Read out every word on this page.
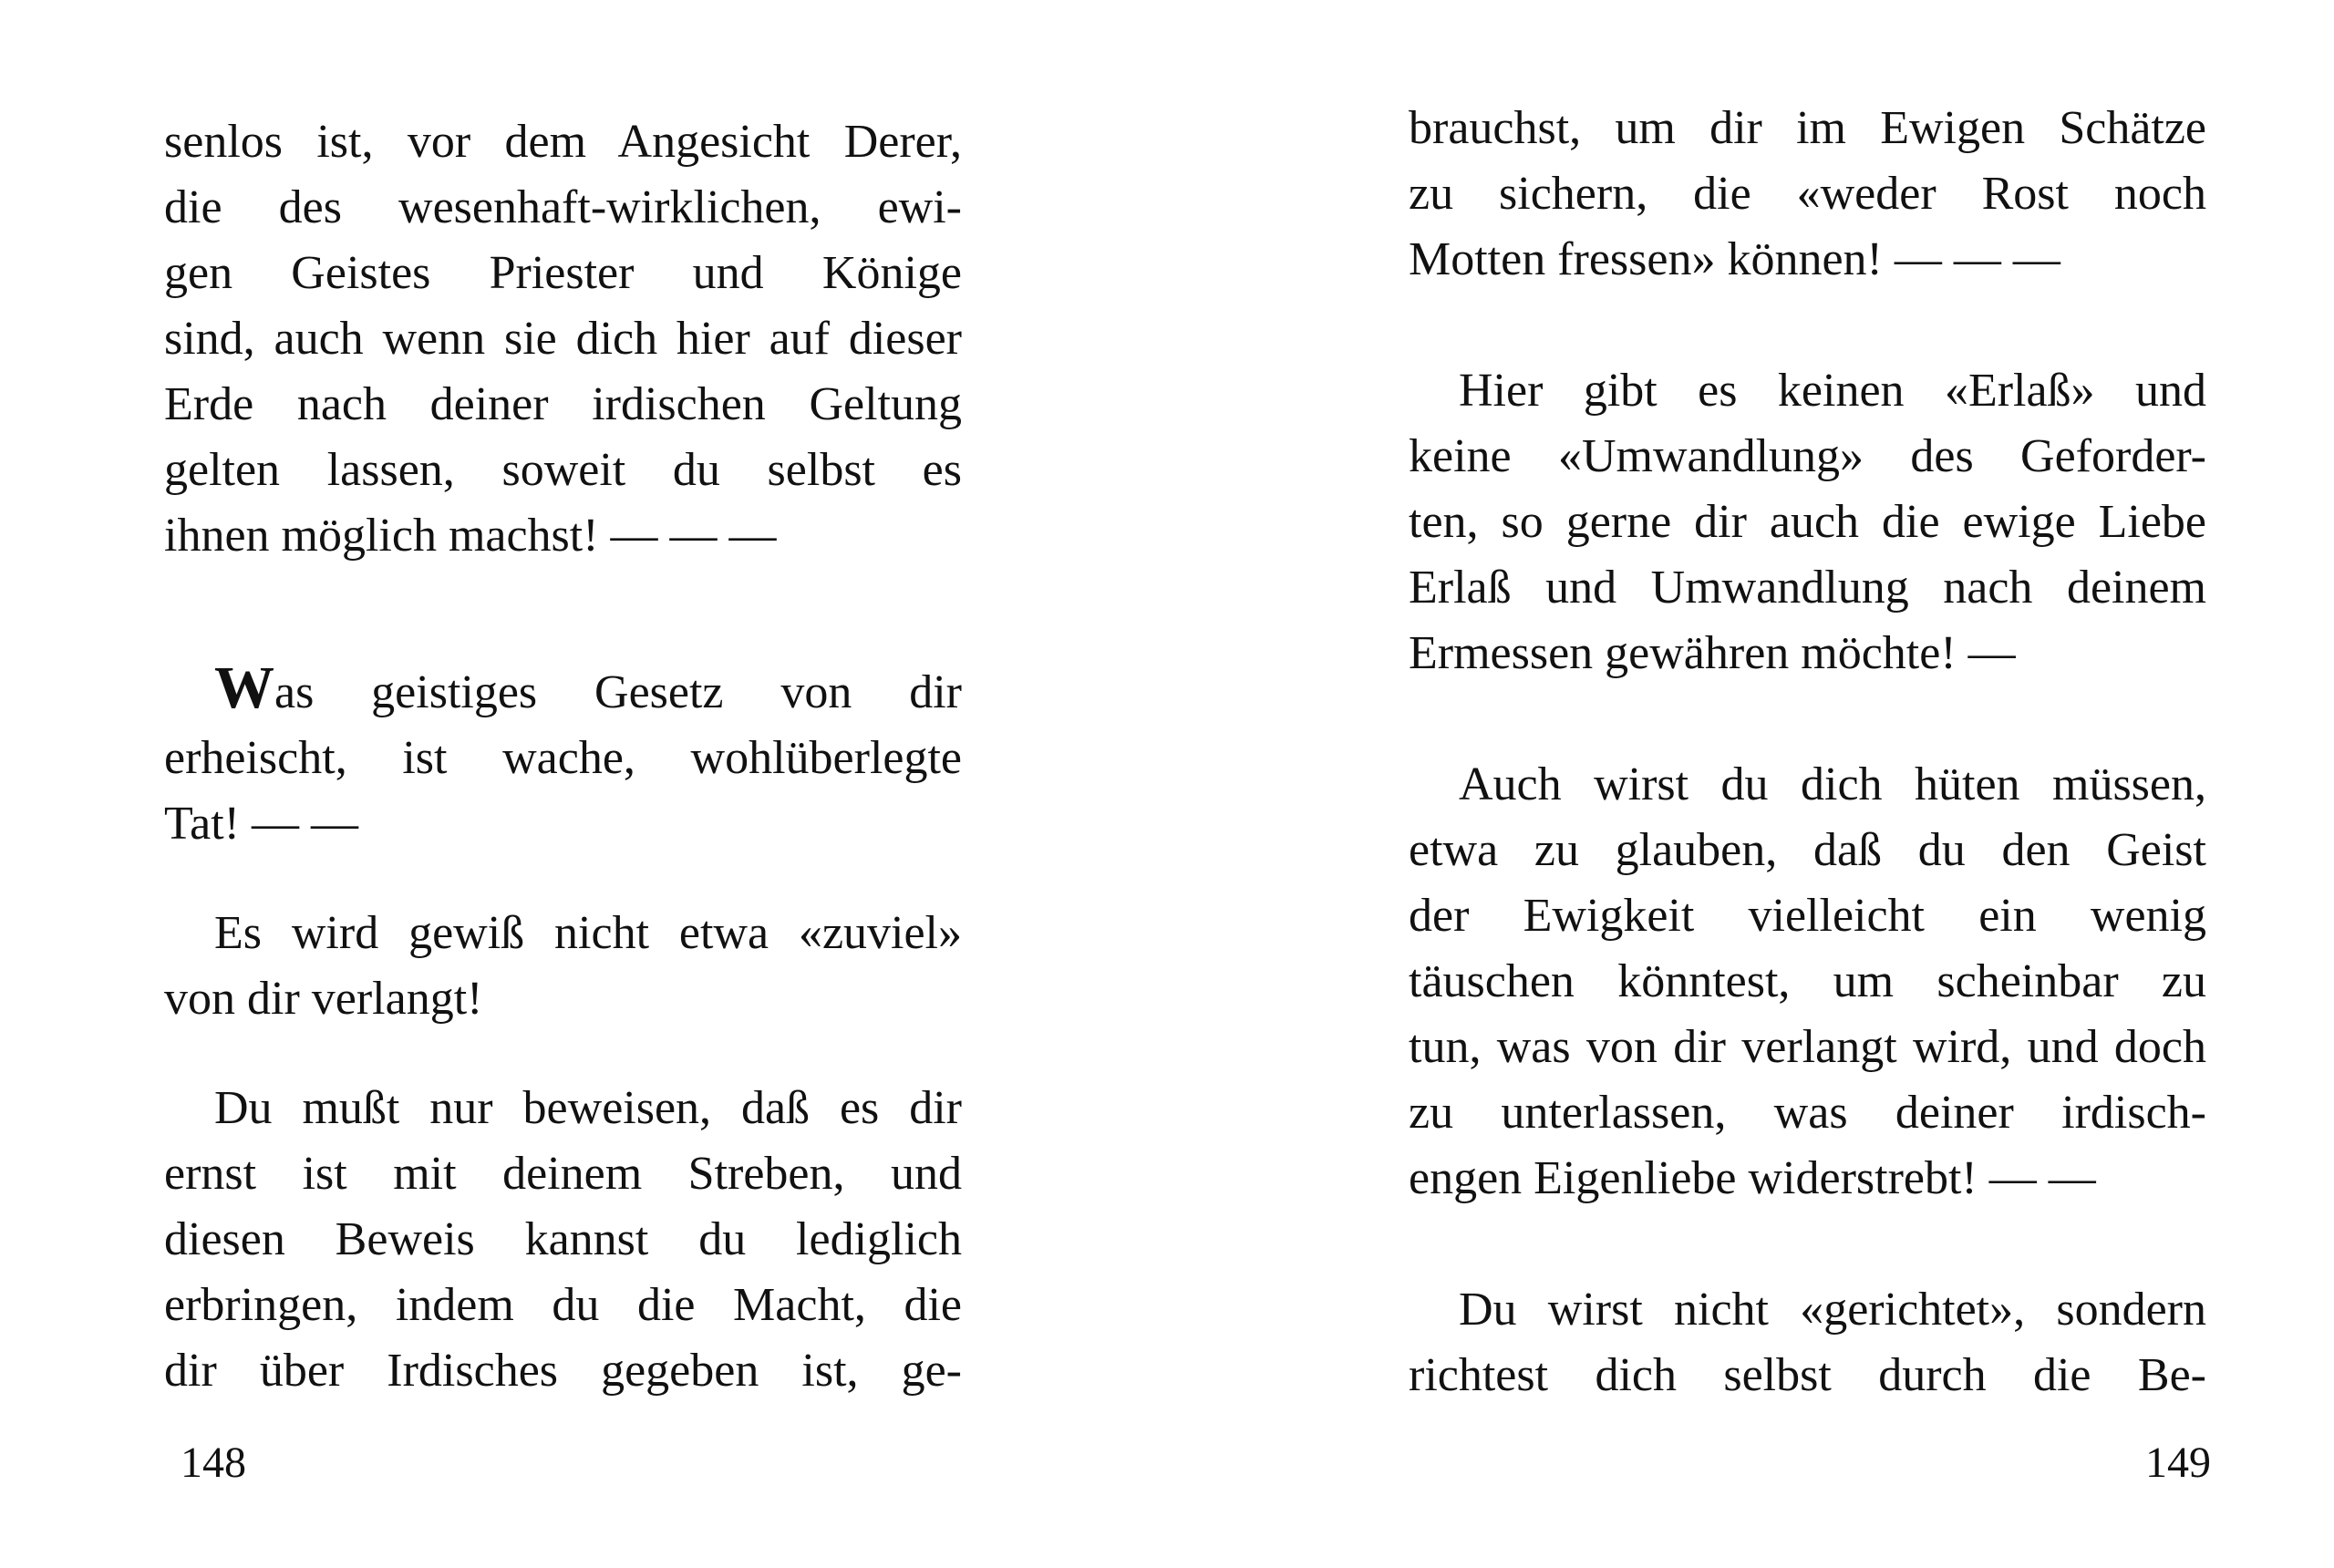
senlos ist, vor dem Angesicht Derer,
die des wesenhaft-wirklichen, ewi-
gen Geistes Priester und Könige
sind, auch wenn sie dich hier auf dieser
Erde nach deiner irdischen Geltung
gelten lassen, soweit du selbst es
ihnen möglich machst! — — —
Was geistiges Gesetz von dir
erheischt, ist wache, wohlüberlegte
Tat! — —
Es wird gewiß nicht etwa «zuviel»
von dir verlangt!
Du mußt nur beweisen, daß es dir
ernst ist mit deinem Streben, und
diesen Beweis kannst du lediglich
erbringen, indem du die Macht, die
dir über Irdisches gegeben ist, ge-
148
brauchst, um dir im Ewigen Schätze
zu sichern, die «weder Rost noch
Motten fressen» können! — — —
Hier gibt es keinen «Erlaß» und
keine «Umwandlung» des Geforder-
ten, so gerne dir auch die ewige Liebe
Erlaß und Umwandlung nach deinem
Ermessen gewähren möchte! —
Auch wirst du dich hüten müssen,
etwa zu glauben, daß du den Geist
der Ewigkeit vielleicht ein wenig
täuschen könntest, um scheinbar zu
tun, was von dir verlangt wird, und doch
zu unterlassen, was deiner irdisch-
engen Eigenliebe widerstrebt! — —
Du wirst nicht «gerichtet», sondern
richtest dich selbst durch die Be-
149
